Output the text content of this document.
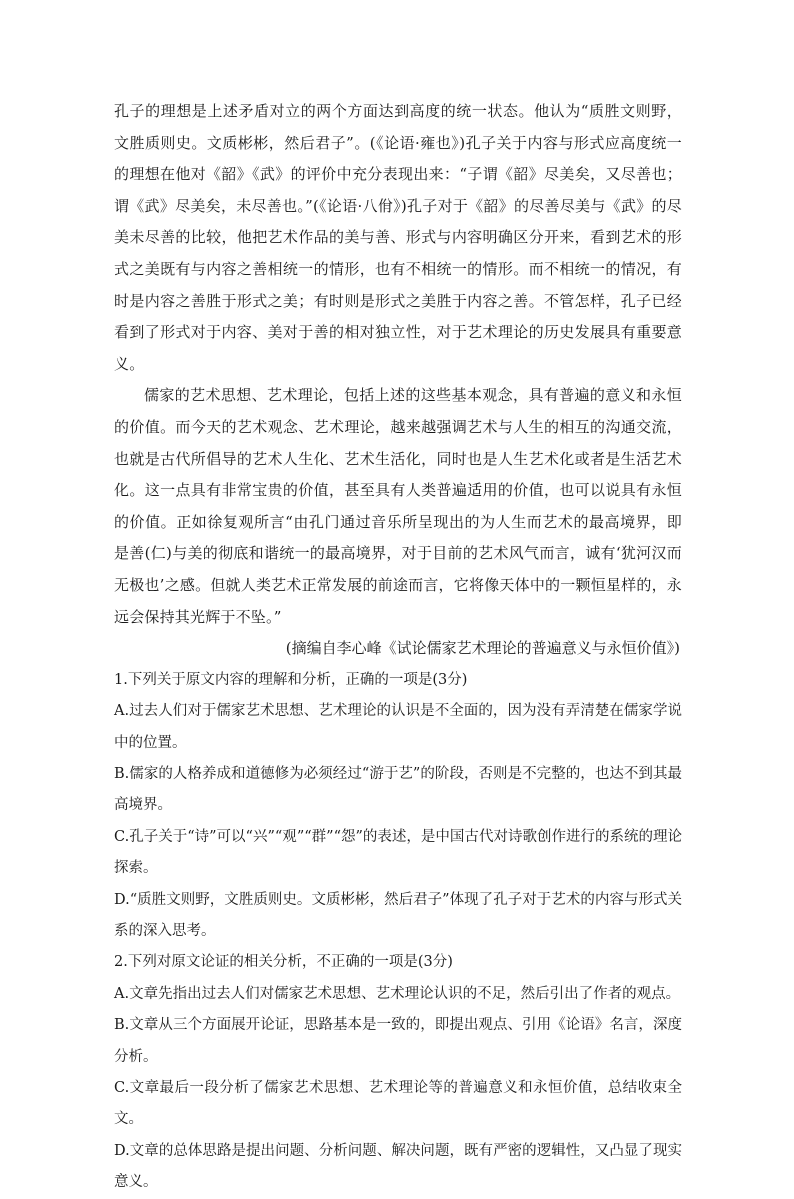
孔子的理想是上述矛盾对立的两个方面达到高度的统一状态。他认为“质胜文则野，文胜质则史。文质彬彬，然后君子”。(《论语·雍也》)孔子关于内容与形式应高度统一的理想在他对《韶》《武》的评价中充分表现出来：“子谓《韶》尽美矣，又尽善也；谓《武》尽美矣，未尽善也。”(《论语·八佾》)孔子对于《韶》的尽善尽美与《武》的尽美未尽善的比较，他把艺术作品的美与善、形式与内容明确区分开来，看到艺术的形式之美既有与内容之善相统一的情形，也有不相统一的情形。而不相统一的情况，有时是内容之善胜于形式之美；有时则是形式之美胜于内容之善。不管怎样，孔子已经看到了形式对于内容、美对于善的相对独立性，对于艺术理论的历史发展具有重要意义。

儒家的艺术思想、艺术理论，包括上述的这些基本观念，具有普遍的意义和永恒的价值。而今天的艺术观念、艺术理论，越来越强调艺术与人生的相互的沟通交流，也就是古代所倡导的艺术人生化、艺术生活化，同时也是人生艺术化或者是生活艺术化。这一点具有非常宝贵的价值，甚至具有人类普遍适用的价值，也可以说具有永恒的价值。正如徐复观所言“由孔门通过音乐所呈现出的为人生而艺术的最高境界，即是善(仁)与美的彻底和谐统一的最高境界，对于目前的艺术风气而言，诚有‘犹河汉而无极也’之感。但就人类艺术正常发展的前途而言，它将像天体中的一颗恒星样的，永远会保持其光辉于不坠。”

(摘编自李心峰《试论儒家艺术理论的普遍意义与永恒价值》)

1.下列关于原文内容的理解和分析，正确的一项是(3分)

A.过去人们对于儒家艺术思想、艺术理论的认识是不全面的，因为没有弄清楚在儒家学说中的位置。

B.儒家的人格养成和道德修为必须经过“游于艺”的阶段，否则是不完整的，也达不到其最高境界。

C.孔子关于“诗”可以“兴”“观”“群”“怨”的表述，是中国古代对诗歌创作进行的系统的理论探索。

D.“质胜文则野，文胜质则史。文质彬彬，然后君子”体现了孔子对于艺术的内容与形式关系的深入思考。

2.下列对原文论证的相关分析，不正确的一项是(3分)

A.文章先指出过去人们对儒家艺术思想、艺术理论认识的不足，然后引出了作者的观点。

B.文章从三个方面展开论证，思路基本是一致的，即提出观点、引用《论语》名言，深度分析。

C.文章最后一段分析了儒家艺术思想、艺术理论等的普遍意义和永恒价值，总结收束全文。

D.文章的总体思路是提出问题、分析问题、解决问题，既有严密的逻辑性，又凸显了现实意义。
